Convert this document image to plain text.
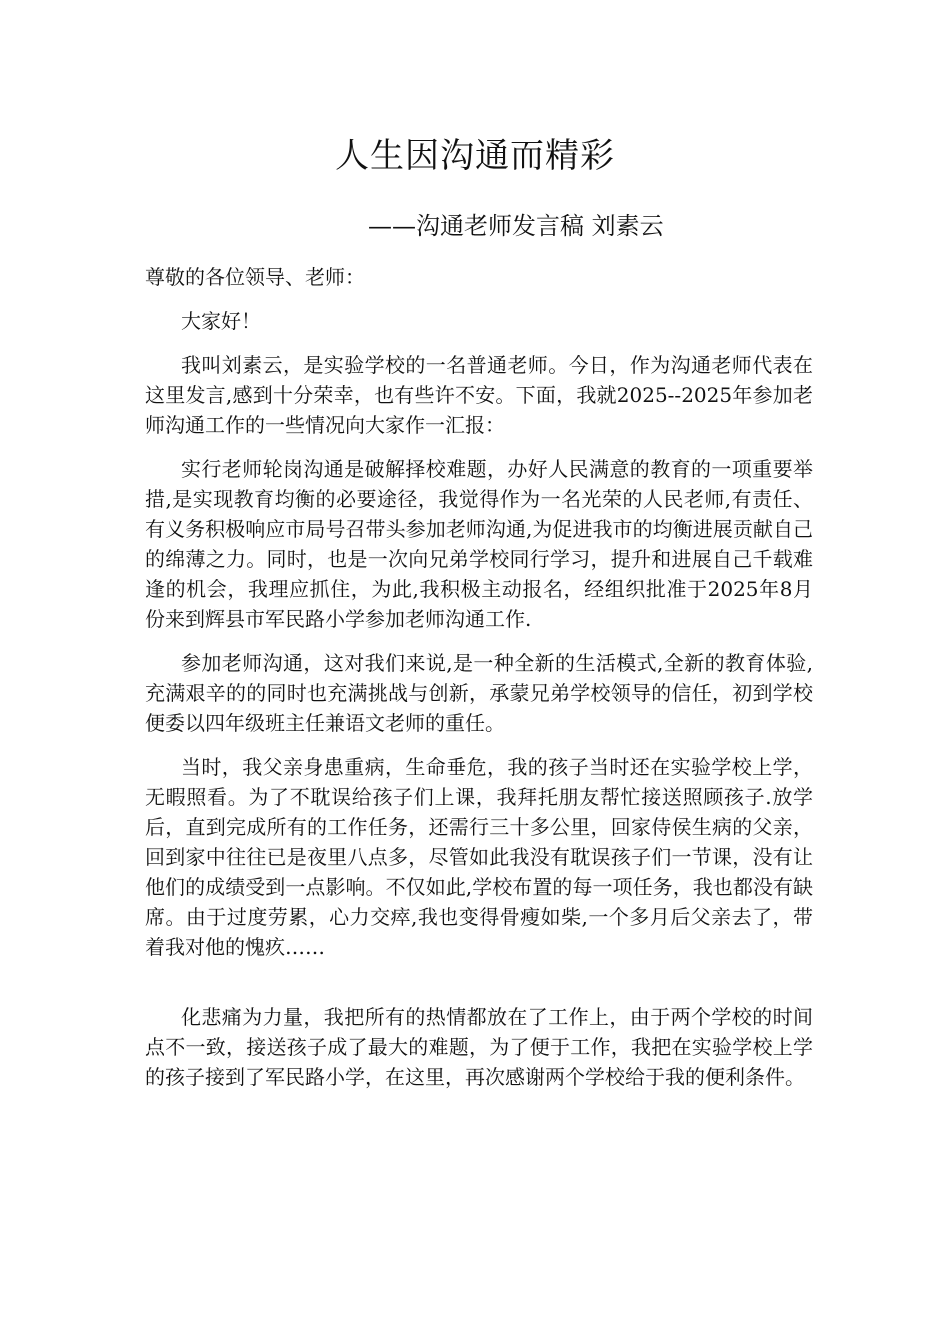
人生因沟通而精彩

——沟通老师发言稿 刘素云

尊敬的各位领导、老师：

大家好！

我叫刘素云，是实验学校的一名普通老师。今日，作为沟通老师代表在这里发言,感到十分荣幸，也有些许不安。下面，我就2025--2025年参加老师沟通工作的一些情况向大家作一汇报：

实行老师轮岗沟通是破解择校难题，办好人民满意的教育的一项重要举措,是实现教育均衡的必要途径，我觉得作为一名光荣的人民老师,有责任、有义务积极响应市局号召带头参加老师沟通,为促进我市的均衡进展贡献自己的绵薄之力。同时，也是一次向兄弟学校同行学习，提升和进展自己千载难逢的机会，我理应抓住，为此,我积极主动报名，经组织批准于2025年8月份来到辉县市军民路小学参加老师沟通工作.

参加老师沟通，这对我们来说,是一种全新的生活模式,全新的教育体验,充满艰辛的的同时也充满挑战与创新，承蒙兄弟学校领导的信任，初到学校便委以四年级班主任兼语文老师的重任。

当时，我父亲身患重病，生命垂危，我的孩子当时还在实验学校上学，无暇照看。为了不耽误给孩子们上课，我拜托朋友帮忙接送照顾孩子.放学后，直到完成所有的工作任务，还需行三十多公里，回家侍侯生病的父亲，回到家中往往已是夜里八点多，尽管如此我没有耽误孩子们一节课，没有让他们的成绩受到一点影响。不仅如此,学校布置的每一项任务，我也都没有缺席。由于过度劳累，心力交瘁,我也变得骨瘦如柴,一个多月后父亲去了，带着我对他的愧疚……

化悲痛为力量，我把所有的热情都放在了工作上，由于两个学校的时间点不一致，接送孩子成了最大的难题，为了便于工作，我把在实验学校上学的孩子接到了军民路小学，在这里，再次感谢两个学校给于我的便利条件。
